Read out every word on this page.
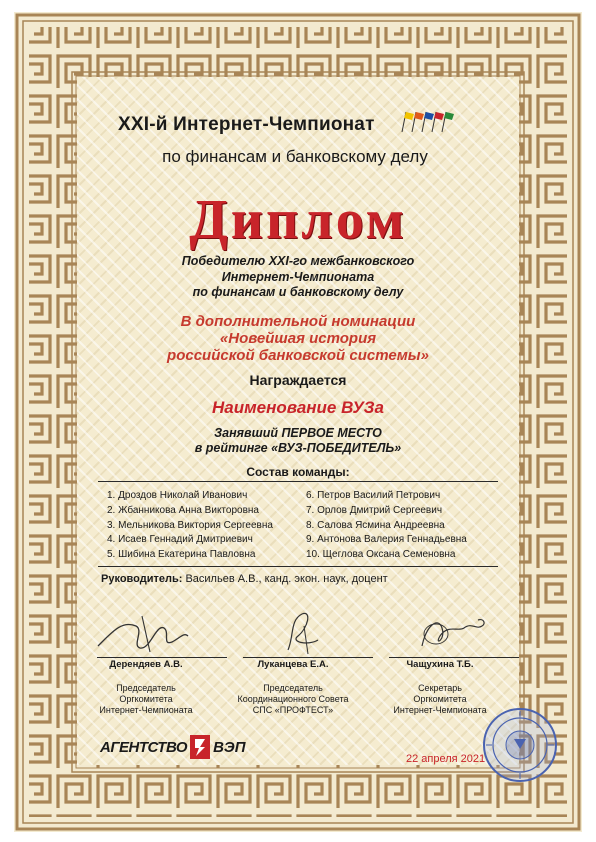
XXI-й Интернет-Чемпионат
по финансам и банковскому делу
Диплом
Победителю XXI-го межбанковского
Интернет-Чемпионата
по финансам и банковскому делу
В дополнительной номинации
«Новейшая история
российской банковской системы»
Награждается
Наименование ВУЗа
Занявший ПЕРВОЕ МЕСТО
в рейтинге «ВУЗ-ПОБЕДИТЕЛЬ»
Состав команды:
1. Дроздов Николай Иванович
2. Жбанникова Анна Викторовна
3. Мельникова Виктория Сергеевна
4. Исаев Геннадий Дмитриевич
5. Шибина Екатерина Павловна
6. Петров Василий Петрович
7. Орлов Дмитрий Сергеевич
8. Салова Ясмина Андреевна
9. Антонова Валерия Геннадьевна
10. Щеглова Оксана Семеновна
Руководитель: Васильев А.В., канд. экон. наук, доцент
Дерендяев А.В.	Луканцева Е.А.	Чащухина Т.Б.
Председатель
Оргкомитета
Интернет-Чемпионата
Председатель
Координационного Совета
СПС «ПРОФТЕСТ»
Секретарь
Оргкомитета
Интернет-Чемпионата
АГЕНТСТВО ВЭП
22 апреля 2021
